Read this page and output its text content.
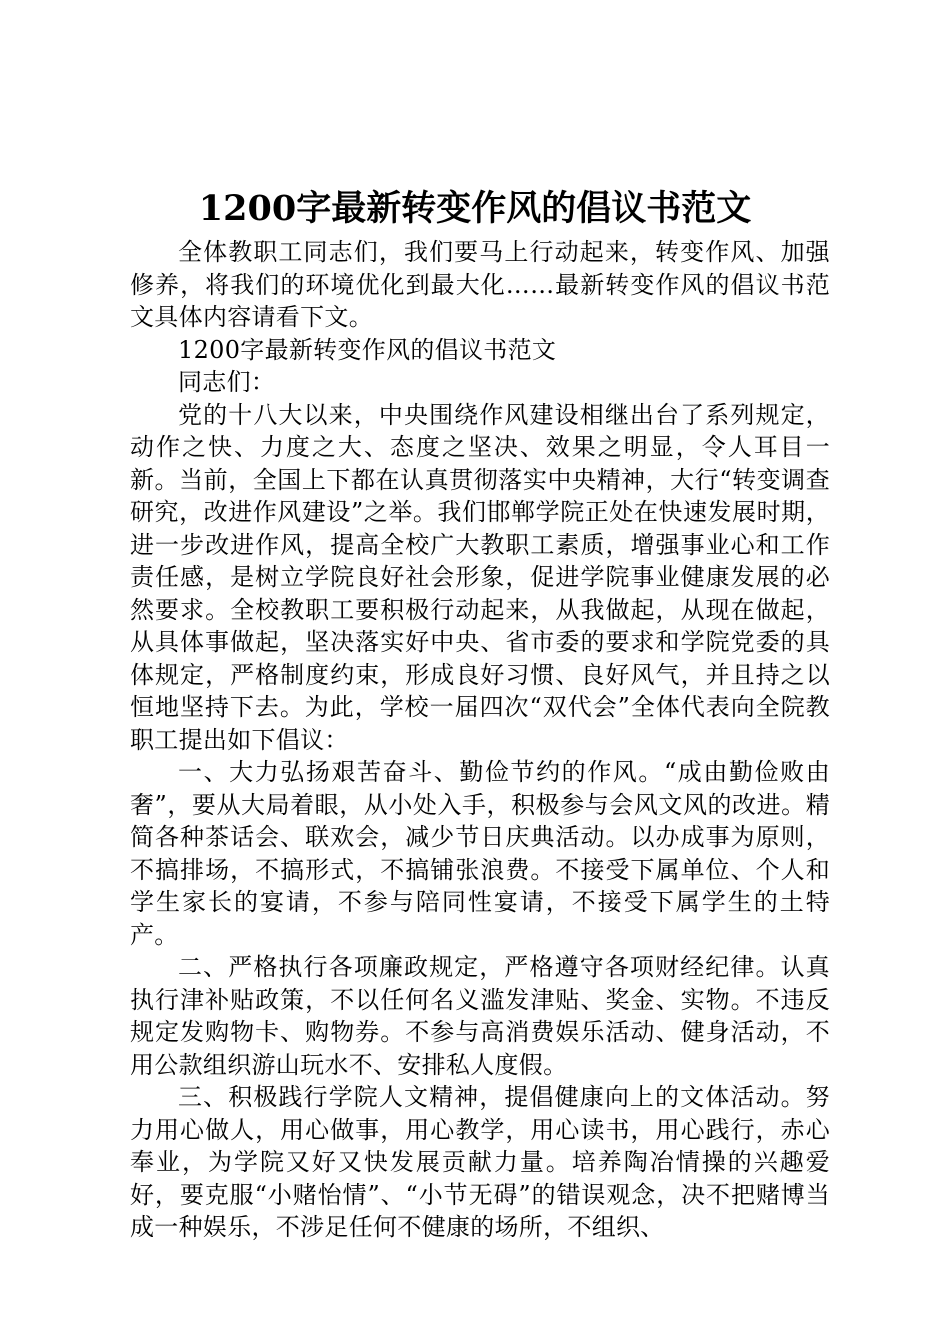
1200字最新转变作风的倡议书范文

全体教职工同志们，我们要马上行动起来，转变作风、加强修养，将我们的环境优化到最大化……最新转变作风的倡议书范文具体内容请看下文。

1200字最新转变作风的倡议书范文

同志们：

党的十八大以来，中央围绕作风建设相继出台了系列规定，动作之快、力度之大、态度之坚决、效果之明显，令人耳目一新。当前，全国上下都在认真贯彻落实中央精神，大行“转变调查研究，改进作风建设”之举。我们邯郸学院正处在快速发展时期，进一步改进作风，提高全校广大教职工素质，增强事业心和工作责任感，是树立学院良好社会形象，促进学院事业健康发展的必然要求。全校教职工要积极行动起来，从我做起，从现在做起，从具体事做起，坚决落实好中央、省市委的要求和学院党委的具体规定，严格制度约束，形成良好习惯、良好风气，并且持之以恒地坚持下去。为此，学校一届四次“双代会”全体代表向全院教职工提出如下倡议：

一、大力弘扬艰苦奋斗、勤俭节约的作风。“成由勤俭败由奢”，要从大局着眼，从小处入手，积极参与会风文风的改进。精简各种茶话会、联欢会，减少节日庆典活动。以办成事为原则，不搞排场，不搞形式，不搞铺张浪费。不接受下属单位、个人和学生家长的宴请，不参与陪同性宴请，不接受下属学生的土特产。

二、严格执行各项廉政规定，严格遵守各项财经纪律。认真执行津补贴政策，不以任何名义滥发津贴、奖金、实物。不违反规定发购物卡、购物券。不参与高消费娱乐活动、健身活动，不用公款组织游山玩水不、安排私人度假。

三、积极践行学院人文精神，提倡健康向上的文体活动。努力用心做人，用心做事，用心教学，用心读书，用心践行，赤心奉业，为学院又好又快发展贡献力量。培养陶冶情操的兴趣爱好，要克服“小赌怡情”、“小节无碍”的错误观念，决不把赌博当成一种娱乐，不涉足任何不健康的场所，不组织、
